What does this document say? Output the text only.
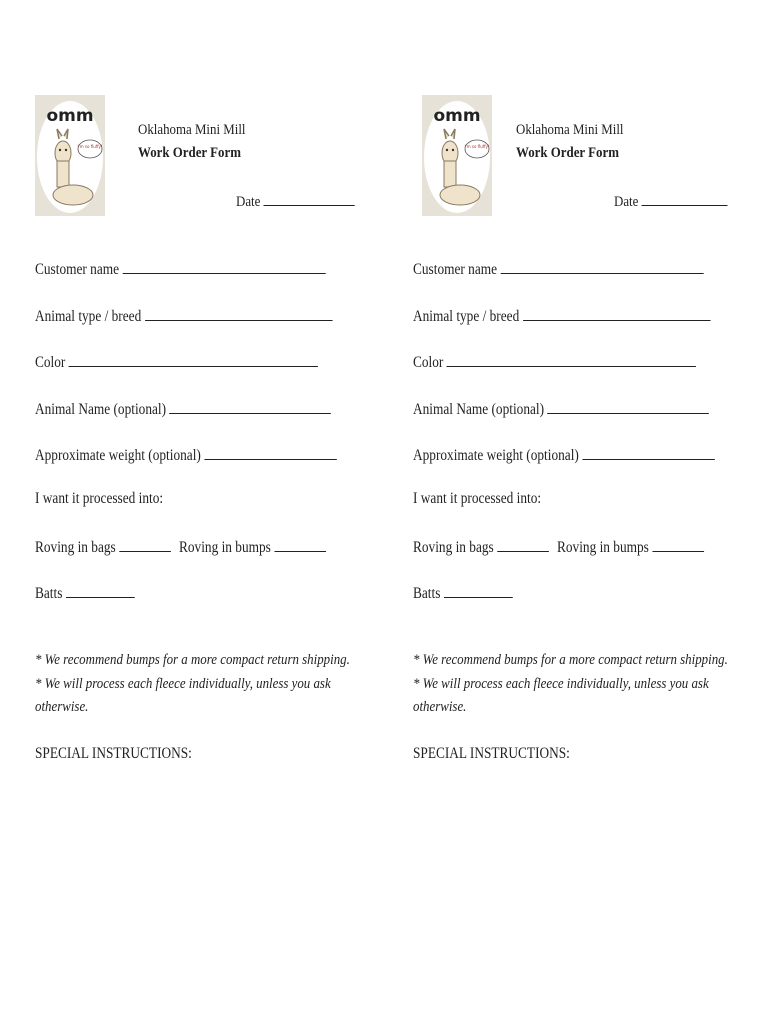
omm
I'm so fluffy!
Oklahoma Mini Mill
Work Order Form
Date
Customer name
Animal type / breed
Color
Animal Name (optional)
Approximate weight (optional)
I want it processed into:
Roving in bags	Roving in bumps
Batts
* We recommend bumps for a more compact return shipping.
* We will process each fleece individually, unless you ask
otherwise.
SPECIAL INSTRUCTIONS:
omm
I'm so fluffy!
Oklahoma Mini Mill
Work Order Form
Date
Customer name
Animal type / breed
Color
Animal Name (optional)
Approximate weight (optional)
I want it processed into:
Roving in bags	Roving in bumps
Batts
* We recommend bumps for a more compact return shipping.
* We will process each fleece individually, unless you ask
otherwise.
SPECIAL INSTRUCTIONS:
